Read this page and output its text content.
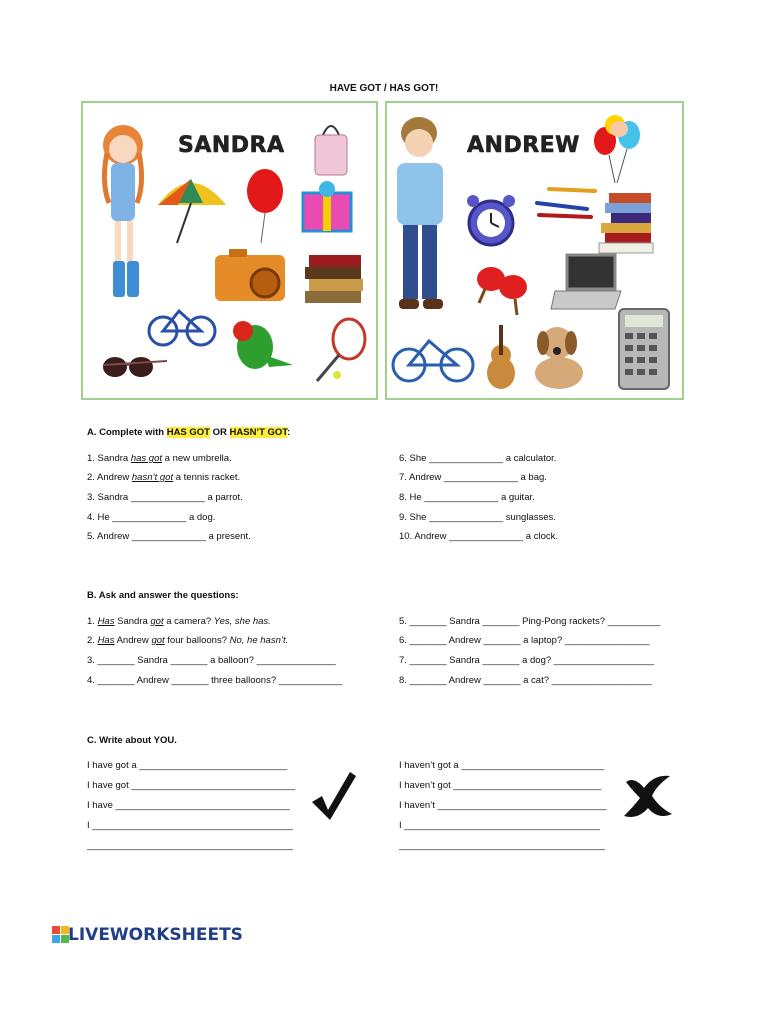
HAVE GOT / HAS GOT!
SANDRA	ANDREW
A. Complete with HAS GOT OR HASN’T GOT:
1. Sandra has got a new umbrella.
2. Andrew hasn’t got a tennis racket.
3. Sandra ______________ a parrot.
4. He ______________ a dog.
5. Andrew ______________ a present.
6. She ______________ a calculator.
7. Andrew ______________ a bag.
8. He ______________ a guitar.
9. She ______________ sunglasses.
10. Andrew ______________ a clock.
B. Ask and answer the questions:
1. Has Sandra got a camera? Yes, she has.
2. Has Andrew got four balloons? No, he hasn’t.
3. _______ Sandra _______ a balloon? _______________
4. _______ Andrew _______ three balloons? ____________
5. _______ Sandra _______ Ping-Pong rackets? __________
6. _______ Andrew _______ a laptop? ________________
7. _______ Sandra _______ a dog? ___________________
8. _______ Andrew _______ a cat? ___________________
C. Write about YOU.
I have got a ____________________________
I have got _______________________________
I have _________________________________
I ______________________________________
_______________________________________
I haven’t got a ___________________________
I haven’t got ____________________________
I haven’t ________________________________
I _____________________________________
_______________________________________
LIVEWORKSHEETS
